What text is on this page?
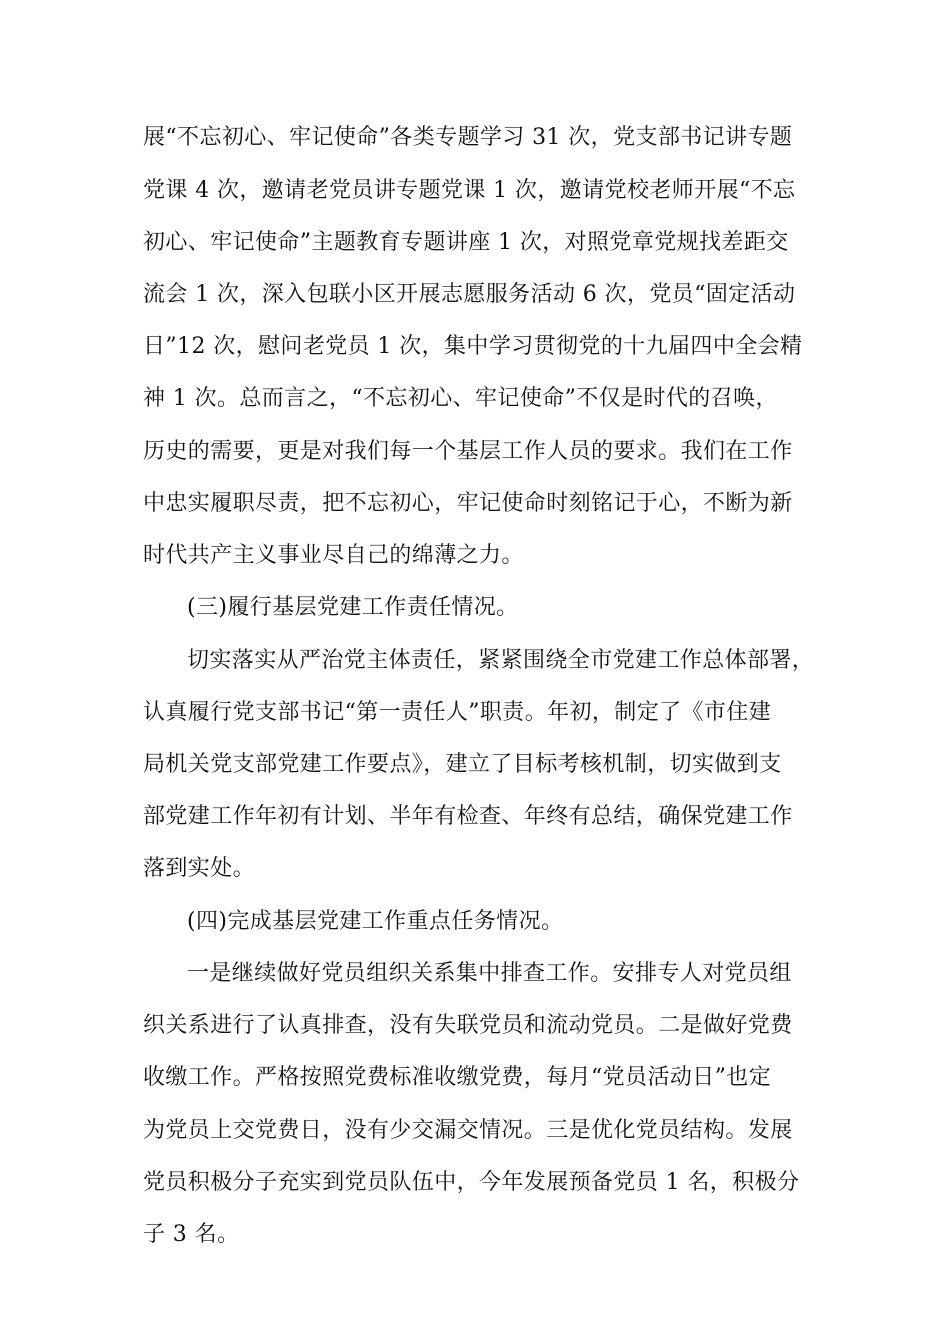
展“不忘初心、牢记使命”各类专题学习 31 次，党支部书记讲专题
党课 4 次，邀请老党员讲专题党课 1 次，邀请党校老师开展“不忘
初心、牢记使命”主题教育专题讲座 1 次，对照党章党规找差距交
流会 1 次，深入包联小区开展志愿服务活动 6 次，党员“固定活动
日”12 次，慰问老党员 1 次，集中学习贯彻党的十九届四中全会精
神 1 次。总而言之，“不忘初心、牢记使命”不仅是时代的召唤，
历史的需要，更是对我们每一个基层工作人员的要求。我们在工作
中忠实履职尽责，把不忘初心，牢记使命时刻铭记于心，不断为新
时代共产主义事业尽自己的绵薄之力。
(三)履行基层党建工作责任情况。
切实落实从严治党主体责任，紧紧围绕全市党建工作总体部署，
认真履行党支部书记“第一责任人”职责。年初，制定了《市住建
局机关党支部党建工作要点》，建立了目标考核机制，切实做到支
部党建工作年初有计划、半年有检查、年终有总结，确保党建工作
落到实处。
(四)完成基层党建工作重点任务情况。
一是继续做好党员组织关系集中排查工作。安排专人对党员组
织关系进行了认真排查，没有失联党员和流动党员。二是做好党费
收缴工作。严格按照党费标准收缴党费，每月“党员活动日”也定
为党员上交党费日，没有少交漏交情况。三是优化党员结构。发展
党员积极分子充实到党员队伍中，今年发展预备党员 1 名，积极分
子 3 名。
